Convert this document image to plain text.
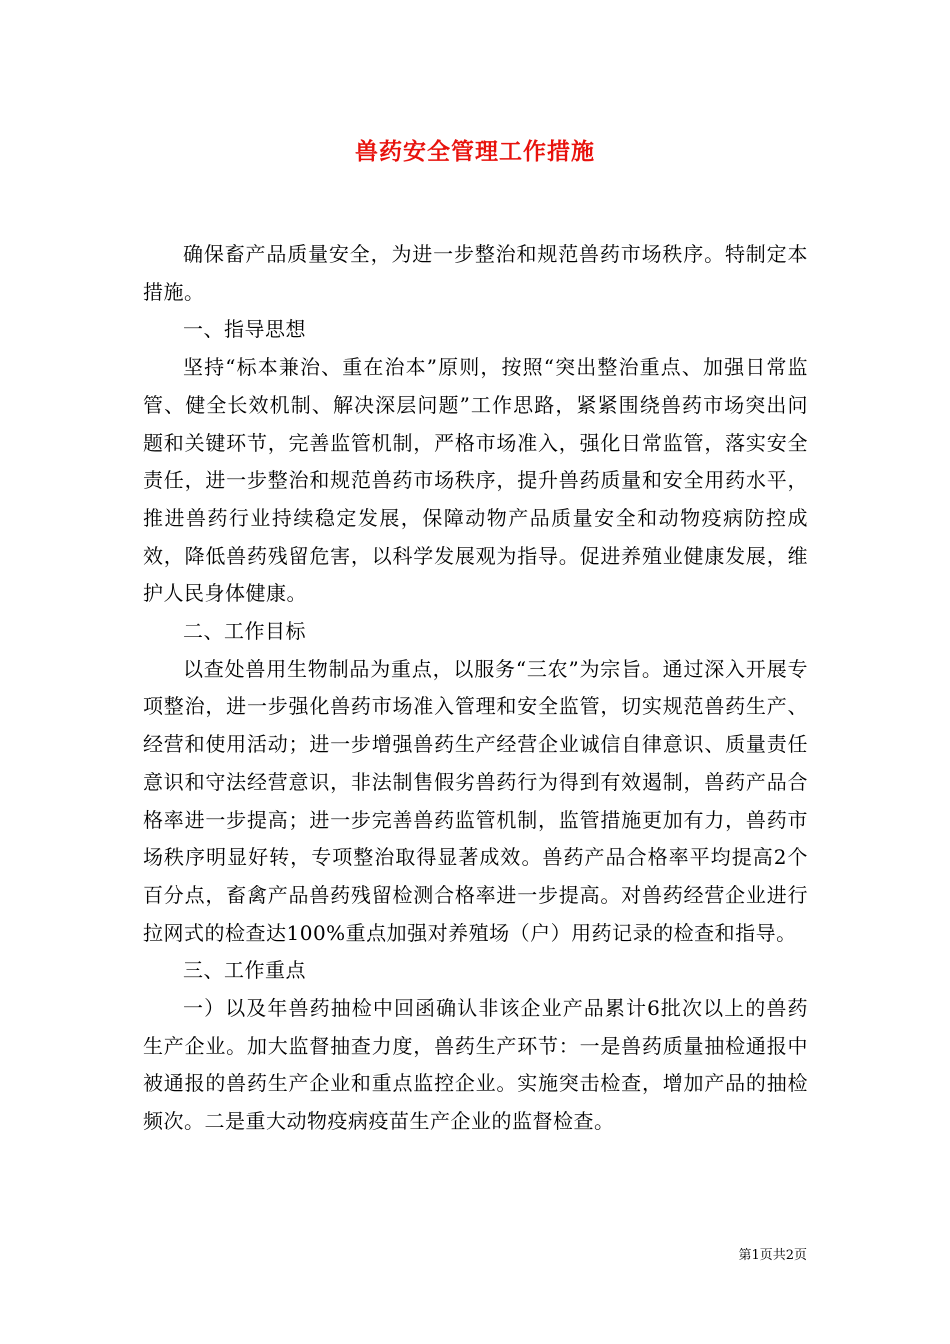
兽药安全管理工作措施

确保畜产品质量安全，为进一步整治和规范兽药市场秩序。特制定本措施。

一、指导思想

坚持“标本兼治、重在治本”原则，按照“突出整治重点、加强日常监管、健全长效机制、解决深层问题”工作思路，紧紧围绕兽药市场突出问题和关键环节，完善监管机制，严格市场准入，强化日常监管，落实安全责任，进一步整治和规范兽药市场秩序，提升兽药质量和安全用药水平，推进兽药行业持续稳定发展，保障动物产品质量安全和动物疫病防控成效，降低兽药残留危害，以科学发展观为指导。促进养殖业健康发展，维护人民身体健康。

二、工作目标

以查处兽用生物制品为重点，以服务“三农”为宗旨。通过深入开展专项整治，进一步强化兽药市场准入管理和安全监管，切实规范兽药生产、经营和使用活动；进一步增强兽药生产经营企业诚信自律意识、质量责任意识和守法经营意识，非法制售假劣兽药行为得到有效遏制，兽药产品合格率进一步提高；进一步完善兽药监管机制，监管措施更加有力，兽药市场秩序明显好转，专项整治取得显著成效。兽药产品合格率平均提高2个百分点，畜禽产品兽药残留检测合格率进一步提高。对兽药经营企业进行拉网式的检查达100%重点加强对养殖场（户）用药记录的检查和指导。

三、工作重点

一）以及年兽药抽检中回函确认非该企业产品累计6批次以上的兽药生产企业。加大监督抽查力度，兽药生产环节：一是兽药质量抽检通报中被通报的兽药生产企业和重点监控企业。实施突击检查，增加产品的抽检频次。二是重大动物疫病疫苗生产企业的监督检查。

第1页共2页
